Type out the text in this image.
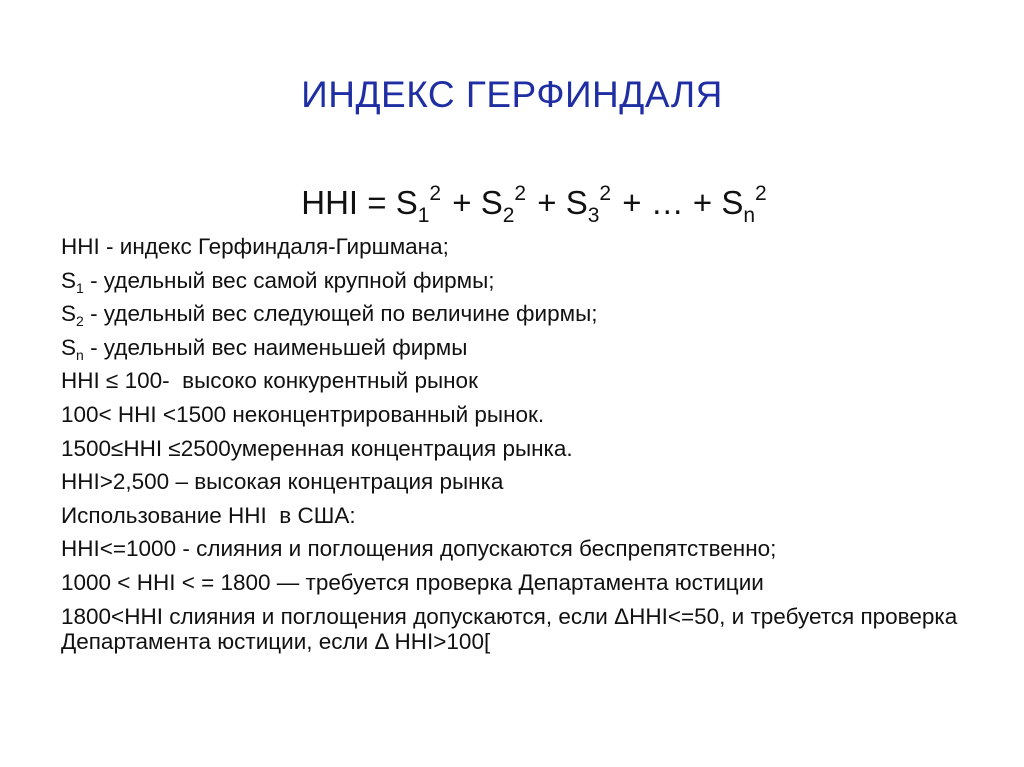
ИНДЕКС ГЕРФИНДАЛЯ
HHI = $S_1^2 + S_2^2 + S_3^2$ + … + $S_n^2$
HHI - индекс Герфиндаля-Гиршмана;
$S_1$ - удельный вес самой крупной фирмы;
$S_2$ - удельный вес следующей по величине фирмы;
$S_n$ - удельный вес наименьшей фирмы
HHI ≤ 100-  высоко конкурентный рынок
100< HHI <1500 неконцентрированный рынок.
1500≤HHI ≤2500умеренная концентрация рынка.
HHI>2,500 – высокая концентрация рынка
Использование HHI  в США:
HHI<=1000 - слияния и поглощения допускаются беспрепятственно;
1000 < HHI < = 1800 — требуется проверка Департамента юстиции
1800<HHI слияния и поглощения допускаются, если ΔHHI<=50, и требуется проверка Департамента юстиции, если Δ HHI>100[
